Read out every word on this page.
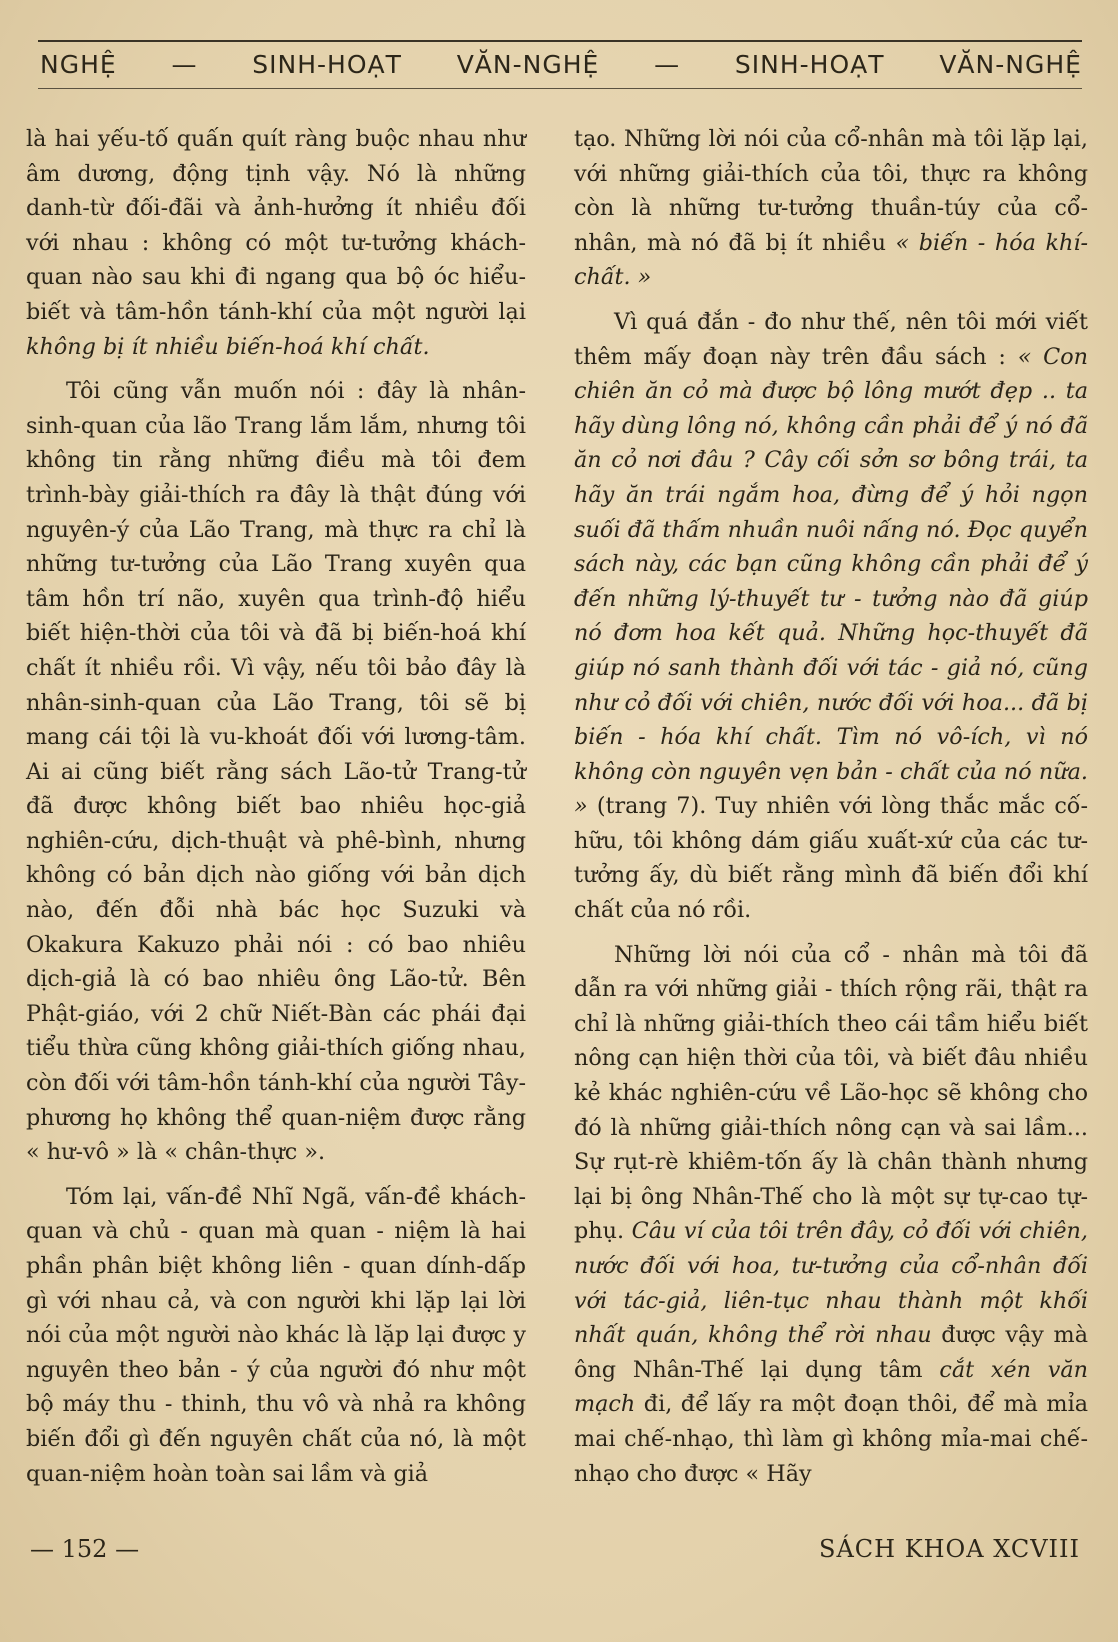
NGHỆ — SINH-HOẠT VĂN-NGHỆ — SINH-HOẠT VĂN-NGHỆ

là hai yếu-tố quấn quít ràng buộc nhau như âm dương, động tịnh vậy. Nó là những danh-từ đối-đãi và ảnh-hưởng ít nhiều đối với nhau : không có một tư-tưởng khách-quan nào sau khi đi ngang qua bộ óc hiểu-biết và tâm-hồn tánh-khí của một người lại không bị ít nhiều biến-hoá khí chất.

Tôi cũng vẫn muốn nói : đây là nhân-sinh-quan của lão Trang lắm lắm, nhưng tôi không tin rằng những điều mà tôi đem trình-bày giải-thích ra đây là thật đúng với nguyên-ý của Lão Trang, mà thực ra chỉ là những tư-tưởng của Lão Trang xuyên qua tâm hồn trí não, xuyên qua trình-độ hiểu biết hiện-thời của tôi và đã bị biến-hoá khí chất ít nhiều rồi. Vì vậy, nếu tôi bảo đây là nhân-sinh-quan của Lão Trang, tôi sẽ bị mang cái tội là vu-khoát đối với lương-tâm. Ai ai cũng biết rằng sách Lão-tử Trang-tử đã được không biết bao nhiêu học-giả nghiên-cứu, dịch-thuật và phê-bình, nhưng không có bản dịch nào giống với bản dịch nào, đến đỗi nhà bác học Suzuki và Okakura Kakuzo phải nói : có bao nhiêu dịch-giả là có bao nhiêu ông Lão-tử. Bên Phật-giáo, với 2 chữ Niết-Bàn các phái đại tiểu thừa cũng không giải-thích giống nhau, còn đối với tâm-hồn tánh-khí của người Tây-phương họ không thể quan-niệm được rằng « hư-vô » là « chân-thực ».

Tóm lại, vấn-đề Nhĩ Ngã, vấn-đề khách-quan và chủ - quan mà quan - niệm là hai phần phân biệt không liên - quan dính-dấp gì với nhau cả, và con người khi lặp lại lời nói của một người nào khác là lặp lại được y nguyên theo bản - ý của người đó như một bộ máy thu - thinh, thu vô và nhả ra không biến đổi gì đến nguyên chất của nó, là một quan-niệm hoàn toàn sai lầm và giả

tạo. Những lời nói của cổ-nhân mà tôi lặp lại, với những giải-thích của tôi, thực ra không còn là những tư-tưởng thuần-túy của cổ-nhân, mà nó đã bị ít nhiều « biến - hóa khí-chất. »

Vì quá đắn - đo như thế, nên tôi mới viết thêm mấy đoạn này trên đầu sách : « Con chiên ăn cỏ mà được bộ lông mướt đẹp .. ta hãy dùng lông nó, không cần phải để ý nó đã ăn cỏ nơi đâu ? Cây cối sởn sơ bông trái, ta hãy ăn trái ngắm hoa, đừng để ý hỏi ngọn suối đã thấm nhuần nuôi nấng nó. Đọc quyển sách này, các bạn cũng không cần phải để ý đến những lý-thuyết tư - tưởng nào đã giúp nó đơm hoa kết quả. Những học-thuyết đã giúp nó sanh thành đối với tác - giả nó, cũng như cỏ đối với chiên, nước đối với hoa... đã bị biến - hóa khí chất. Tìm nó vô-ích, vì nó không còn nguyên vẹn bản - chất của nó nữa. » (trang 7). Tuy nhiên với lòng thắc mắc cố-hữu, tôi không dám giấu xuất-xứ của các tư-tưởng ấy, dù biết rằng mình đã biến đổi khí chất của nó rồi.

Những lời nói của cổ - nhân mà tôi đã dẫn ra với những giải - thích rộng rãi, thật ra chỉ là những giải-thích theo cái tầm hiểu biết nông cạn hiện thời của tôi, và biết đâu nhiều kẻ khác nghiên-cứu về Lão-học sẽ không cho đó là những giải-thích nông cạn và sai lầm... Sự rụt-rè khiêm-tốn ấy là chân thành nhưng lại bị ông Nhân-Thế cho là một sự tự-cao tự-phụ. Câu ví của tôi trên đây, cỏ đối với chiên, nước đối với hoa, tư-tưởng của cổ-nhân đối với tác-giả, liên-tục nhau thành một khối nhất quán, không thể rời nhau được vậy mà ông Nhân-Thế lại dụng tâm cắt xén văn mạch đi, để lấy ra một đoạn thôi, để mà mỉa mai chế-nhạo, thì làm gì không mỉa-mai chế-nhạo cho được « Hãy

— 152 —	SÁCH KHOA XCVIII
